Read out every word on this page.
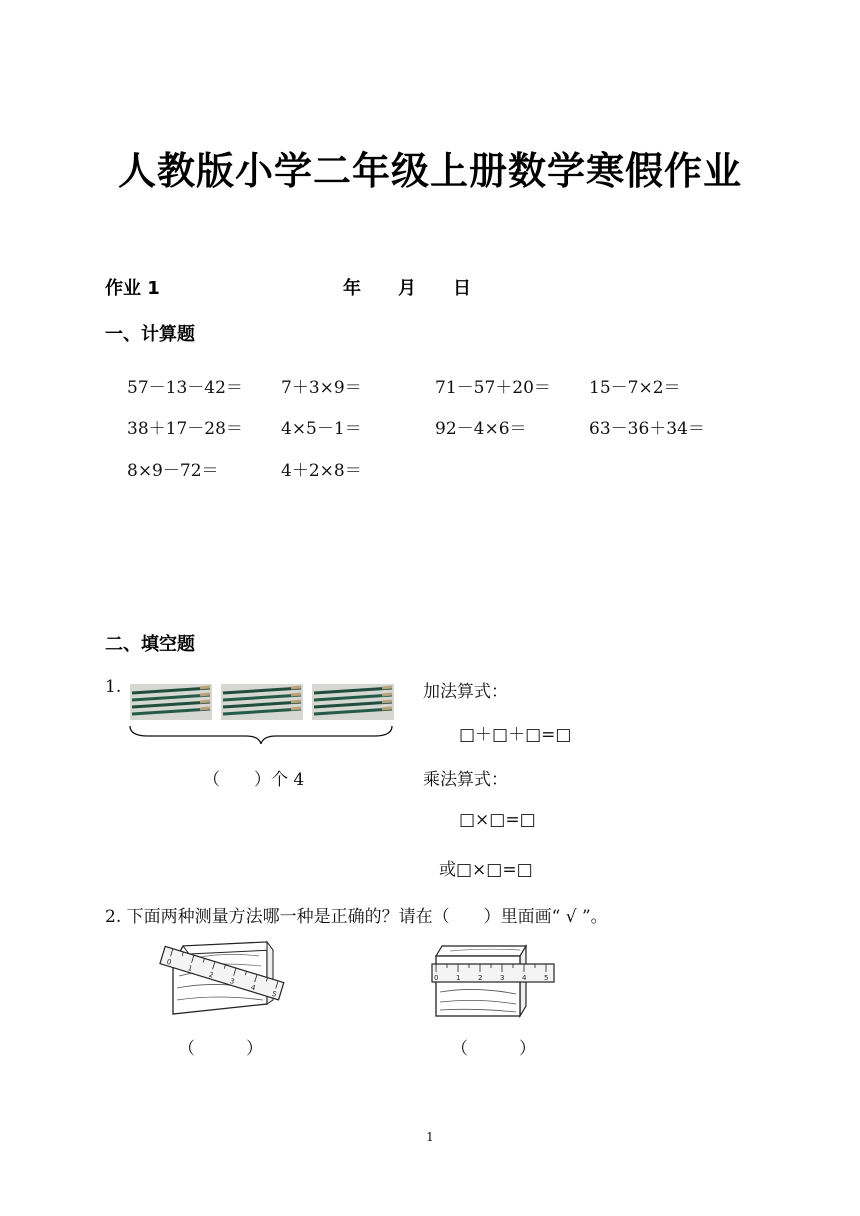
人教版小学二年级上册数学寒假作业
作业 1	年 月 日
一、计算题
57－13－42＝ 7＋3×9＝	71－57＋20＝ 15－7×2＝
38＋17－28＝ 4×5－1＝	92－4×6＝	63－36＋34＝
8×9－72＝	4＋2×8＝
二、填空题
1.
（　　）个 4
加法算式：
□＋□＋□=□
乘法算式：
□×□=□
或□×□=□
2. 下面两种测量方法哪一种是正确的？请在（　　）里面画“ √ ”。
0
1
2
3
4
5
0	1	2	3	4	5
（　　　）	（　　　）
1
